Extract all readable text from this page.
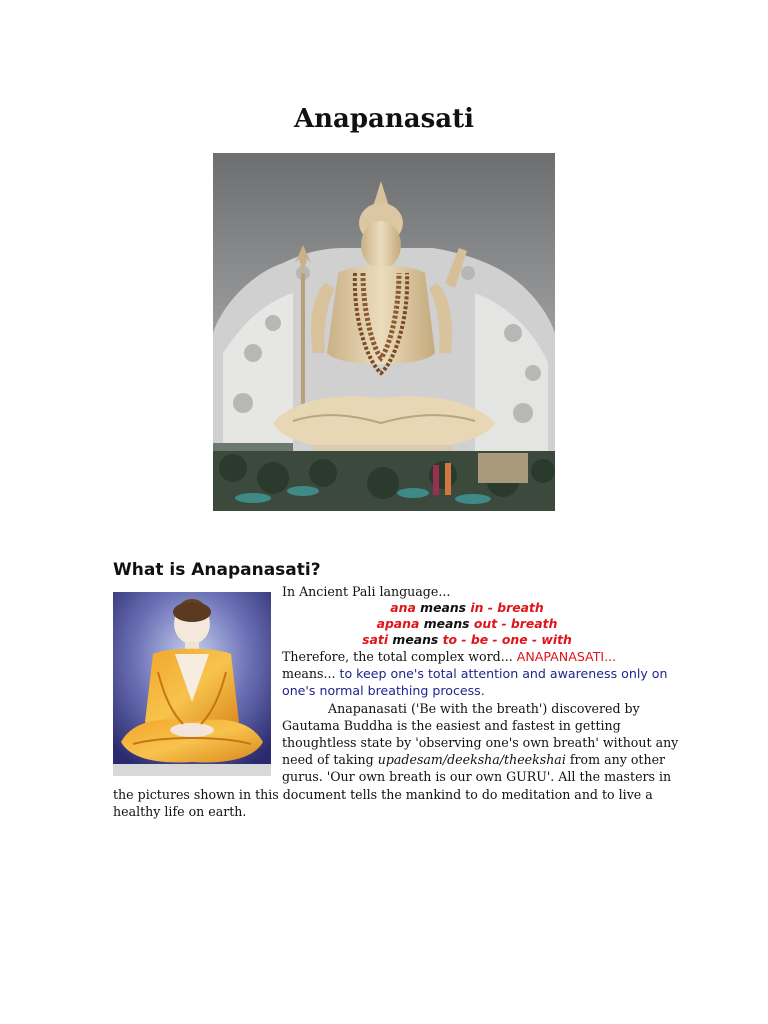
Anapanasati
What is Anapanasati?
In Ancient Pali language...
ana means in - breath
apana means out - breath
sati means to - be - one - with
Therefore, the total complex word... ANAPANASATI...
means... to keep one's total attention and awareness only on
one's normal breathing process.
Anapanasati ('Be with the breath') discovered by
Gautama Buddha is the easiest and fastest in getting
thoughtless state by 'observing one's own breath' without any
need of taking upadesam/deeksha/theekshai from any other
gurus. 'Our own breath is our own GURU'. All the masters in
the pictures shown in this document tells the mankind to do meditation and to live a
healthy life on earth.
